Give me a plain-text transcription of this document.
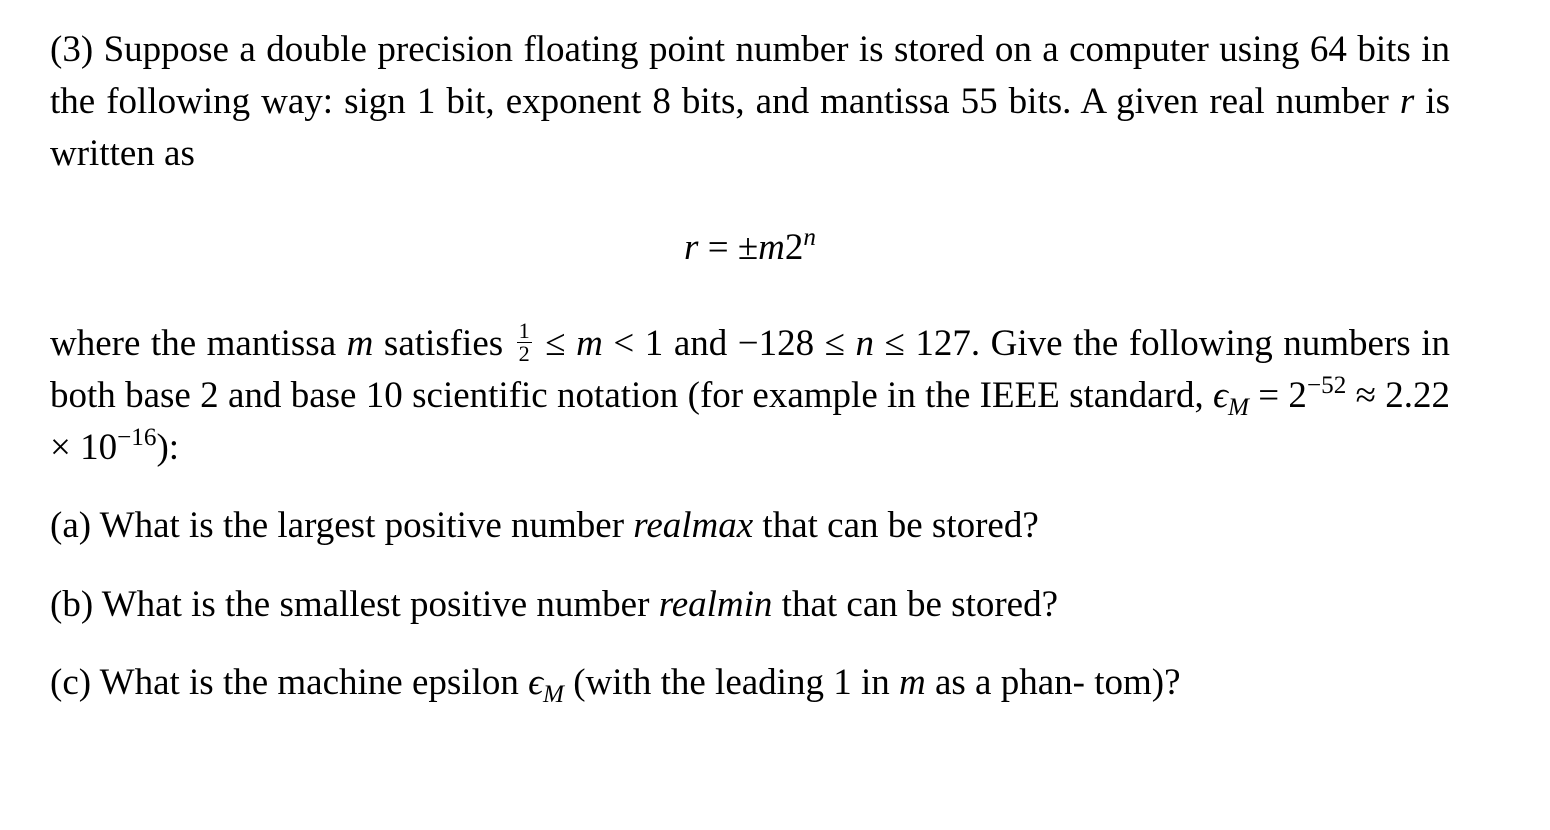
(3) Suppose a double precision floating point number is stored on a computer using 64 bits in the following way: sign 1 bit, exponent 8 bits, and mantissa 55 bits. A given real number r is written as

$r = \pm m2^n$

where the mantissa m satisfies $\frac{1}{2} \le m < 1$ and −128 ≤ n ≤ 127. Give the following numbers in both base 2 and base 10 scientific notation (for example in the IEEE standard, $\epsilon_M = 2^{-52} \approx 2.22 \times 10^{-16}$):

(a) What is the largest positive number realmax that can be stored?

(b) What is the smallest positive number realmin that can be stored?

(c) What is the machine epsilon $\epsilon_M$ (with the leading 1 in m as a phan- tom)?
